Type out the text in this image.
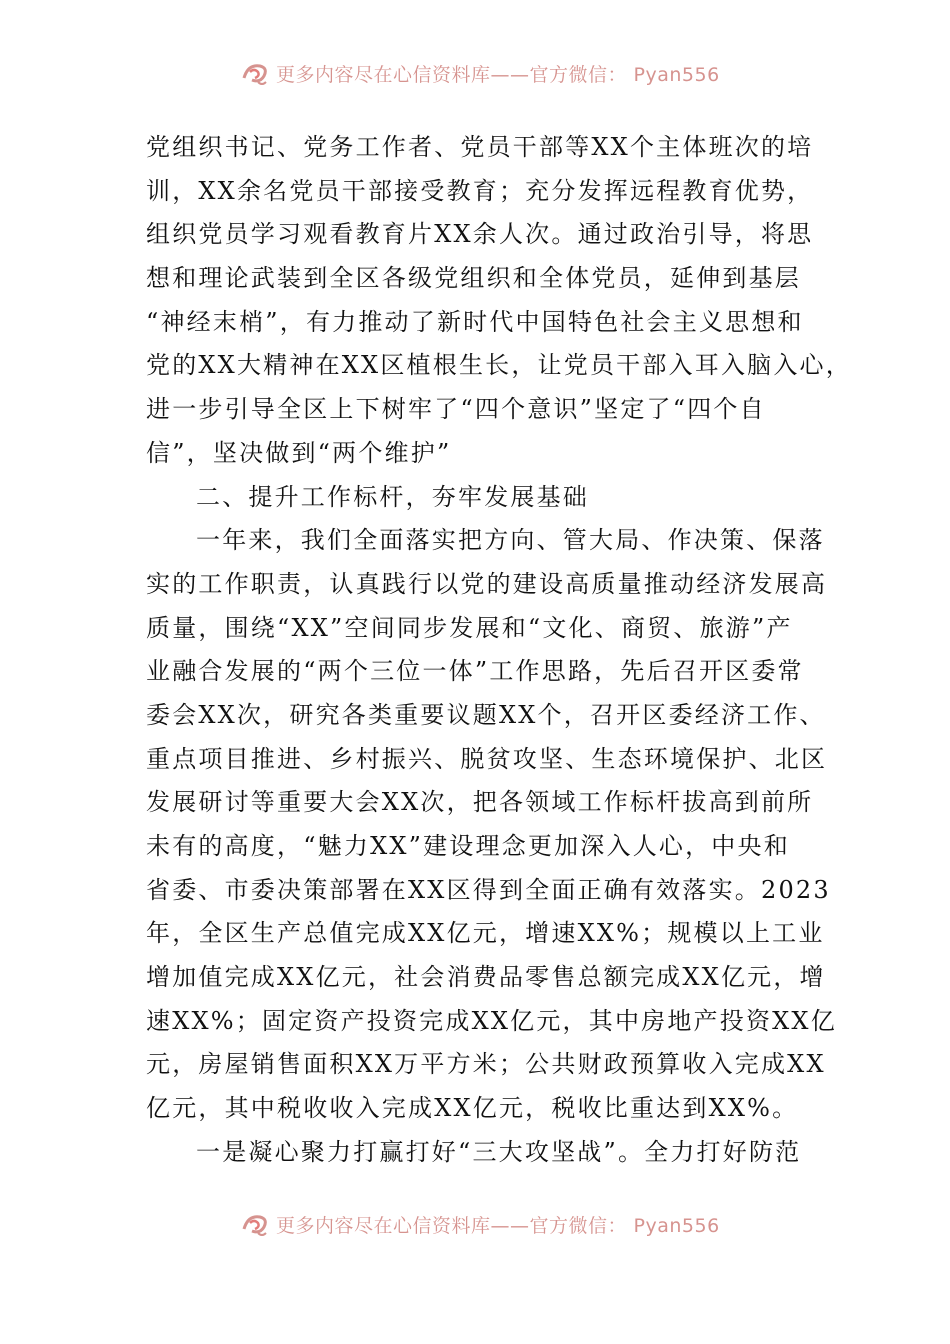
更多内容尽在心信资料库——官方微信： Pyan556
党组织书记、党务工作者、党员干部等XX个主体班次的培
训，XX余名党员干部接受教育；充分发挥远程教育优势，
组织党员学习观看教育片XX余人次。通过政治引导，将思
想和理论武装到全区各级党组织和全体党员，延伸到基层
“神经末梢”，有力推动了新时代中国特色社会主义思想和
党的XX大精神在XX区植根生长，让党员干部入耳入脑入心，
进一步引导全区上下树牢了“四个意识”坚定了“四个自
信”，坚决做到“两个维护”
二、提升工作标杆，夯牢发展基础
一年来，我们全面落实把方向、管大局、作决策、保落
实的工作职责，认真践行以党的建设高质量推动经济发展高
质量，围绕“XX”空间同步发展和“文化、商贸、旅游”产
业融合发展的“两个三位一体”工作思路，先后召开区委常
委会XX次，研究各类重要议题XX个，召开区委经济工作、
重点项目推进、乡村振兴、脱贫攻坚、生态环境保护、北区
发展研讨等重要大会XX次，把各领域工作标杆拔高到前所
未有的高度，“魅力XX”建设理念更加深入人心，中央和
省委、市委决策部署在XX区得到全面正确有效落实。2023
年，全区生产总值完成XX亿元，增速XX%；规模以上工业
增加值完成XX亿元，社会消费品零售总额完成XX亿元，增
速XX%；固定资产投资完成XX亿元，其中房地产投资XX亿
元，房屋销售面积XX万平方米；公共财政预算收入完成XX
亿元，其中税收收入完成XX亿元，税收比重达到XX%。
一是凝心聚力打赢打好“三大攻坚战”。全力打好防范
更多内容尽在心信资料库——官方微信： Pyan556
